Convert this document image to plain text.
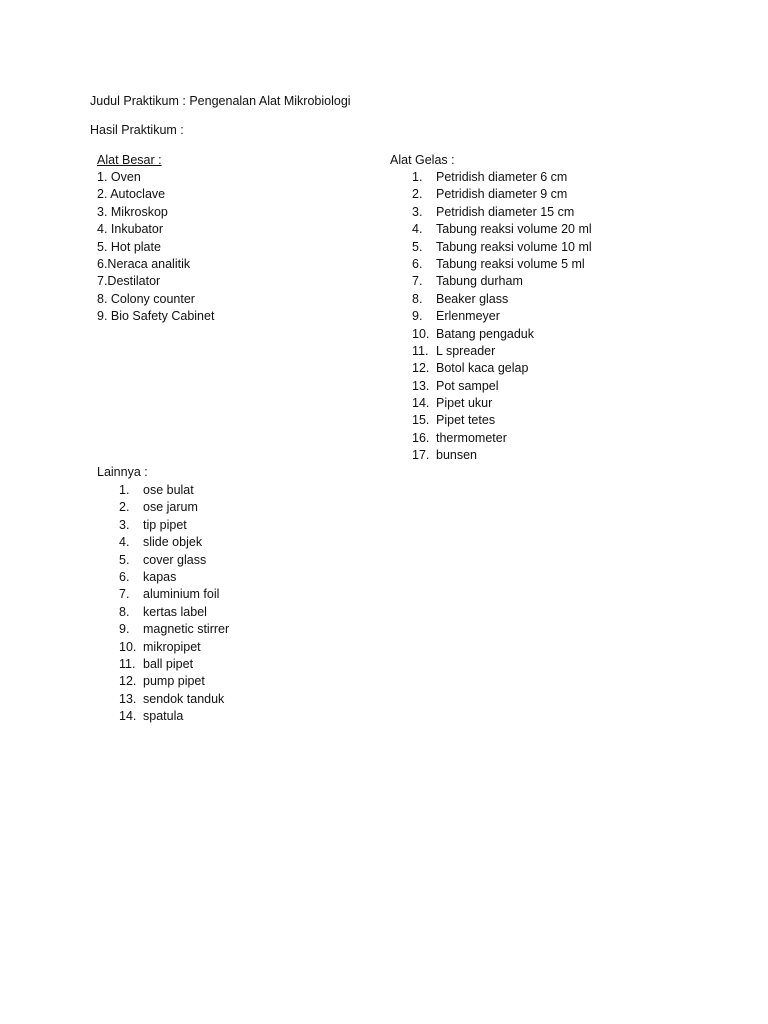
Judul Praktikum : Pengenalan Alat Mikrobiologi
Hasil Praktikum :
Alat Besar :
1. Oven
2. Autoclave
3. Mikroskop
4. Inkubator
5. Hot plate
6.Neraca analitik
7.Destilator
8. Colony counter
9. Bio Safety Cabinet
Alat Gelas :
1. Petridish diameter 6 cm
2. Petridish diameter 9 cm
3. Petridish diameter 15 cm
4. Tabung reaksi volume 20 ml
5. Tabung reaksi volume 10 ml
6. Tabung reaksi volume 5 ml
7. Tabung durham
8. Beaker glass
9. Erlenmeyer
10. Batang pengaduk
11. L spreader
12. Botol kaca gelap
13. Pot sampel
14. Pipet ukur
15. Pipet tetes
16. thermometer
17. bunsen
Lainnya :
1. ose bulat
2. ose jarum
3. tip pipet
4. slide objek
5. cover glass
6. kapas
7. aluminium foil
8. kertas label
9. magnetic stirrer
10. mikropipet
11. ball pipet
12. pump pipet
13. sendok tanduk
14. spatula
